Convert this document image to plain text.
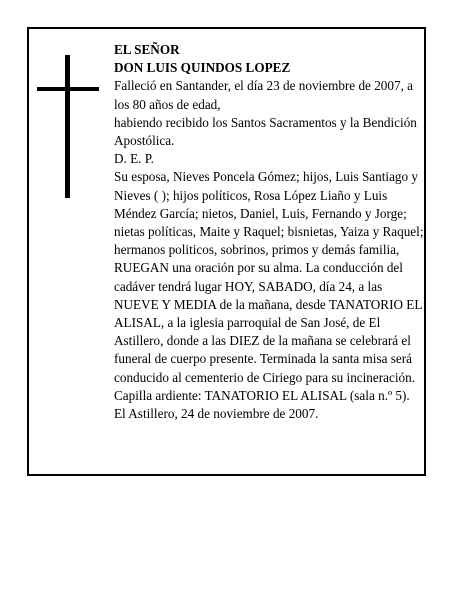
EL SEÑOR

DON LUIS QUINDOS LOPEZ

Falleció en Santander, el día 23 de noviembre de 2007, a los 80 años de edad,

habiendo recibido los Santos Sacramentos y la Bendición Apostólica.

D. E. P.

Su esposa, Nieves Poncela Gómez; hijos, Luis Santiago y Nieves ( ); hijos políticos, Rosa López Liaño y Luis Méndez García; nietos, Daniel, Luis, Fernando y Jorge; nietas políticas, Maite y Raquel; bisnietas, Yaiza y Raquel; hermanos politicos, sobrinos, primos y demás familia,

RUEGAN una oración por su alma. La conducción del cadáver tendrá lugar HOY, SABADO, día 24, a las NUEVE Y MEDIA de la mañana, desde TANATORIO EL ALISAL, a la iglesia parroquial de San José, de El Astillero, donde a las DIEZ de la mañana se celebrará el funeral de cuerpo presente. Terminada la santa misa será conducido al cementerio de Ciriego para su incineración. Capilla ardiente: TANATORIO EL ALISAL (sala n.º 5).

El Astillero, 24 de noviembre de 2007.
